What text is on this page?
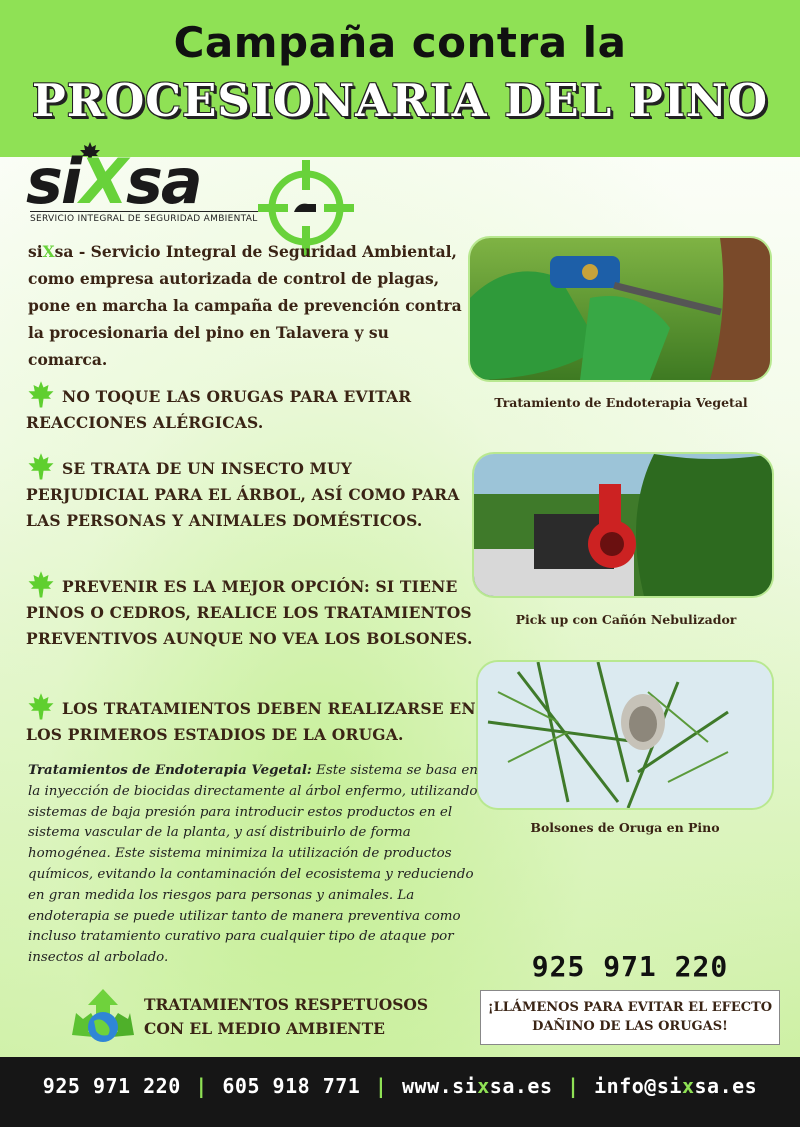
Campaña contra la
PROCESIONARIA DEL PINO
siXsa
SERVICIO INTEGRAL DE SEGURIDAD AMBIENTAL
siXsa - Servicio Integral de Seguridad Ambiental, como empresa autorizada de control de plagas, pone en marcha la campaña de prevención contra la procesionaria del pino en Talavera y su comarca.
NO TOQUE LAS ORUGAS PARA EVITAR REACCIONES ALÉRGICAS.
SE TRATA DE UN INSECTO MUY PERJUDICIAL PARA EL ÁRBOL, ASÍ COMO PARA LAS PERSONAS Y ANIMALES DOMÉSTICOS.
PREVENIR ES LA MEJOR OPCIÓN: SI TIENE PINOS O CEDROS, REALICE LOS TRATAMIENTOS PREVENTIVOS AUNQUE NO VEA LOS BOLSONES.
LOS TRATAMIENTOS DEBEN REALIZARSE EN LOS PRIMEROS ESTADIOS DE LA ORUGA.
Tratamiento de Endoterapia Vegetal
Pick up con Cañón Nebulizador
Bolsones de Oruga en Pino
Tratamientos de Endoterapia Vegetal: Este sistema se basa en la inyección de biocidas directamente al árbol enfermo, utilizando sistemas de baja presión para introducir estos productos en el sistema vascular de la planta, y así distribuirlo de forma homogénea. Este sistema minimiza la utilización de productos químicos, evitando la contaminación del ecosistema y reduciendo en gran medida los riesgos para personas y animales. La endoterapia se puede utilizar tanto de manera preventiva como incluso tratamiento curativo para cualquier tipo de ataque por insectos al arbolado.
TRATAMIENTOS RESPETUOSOS
CON EL MEDIO AMBIENTE
925 971 220
¡LLÁMENOS PARA EVITAR EL EFECTO
DAÑINO DE LAS ORUGAS!
925 971 220 | 605 918 771 | www.sixsa.es | info@sixsa.es
